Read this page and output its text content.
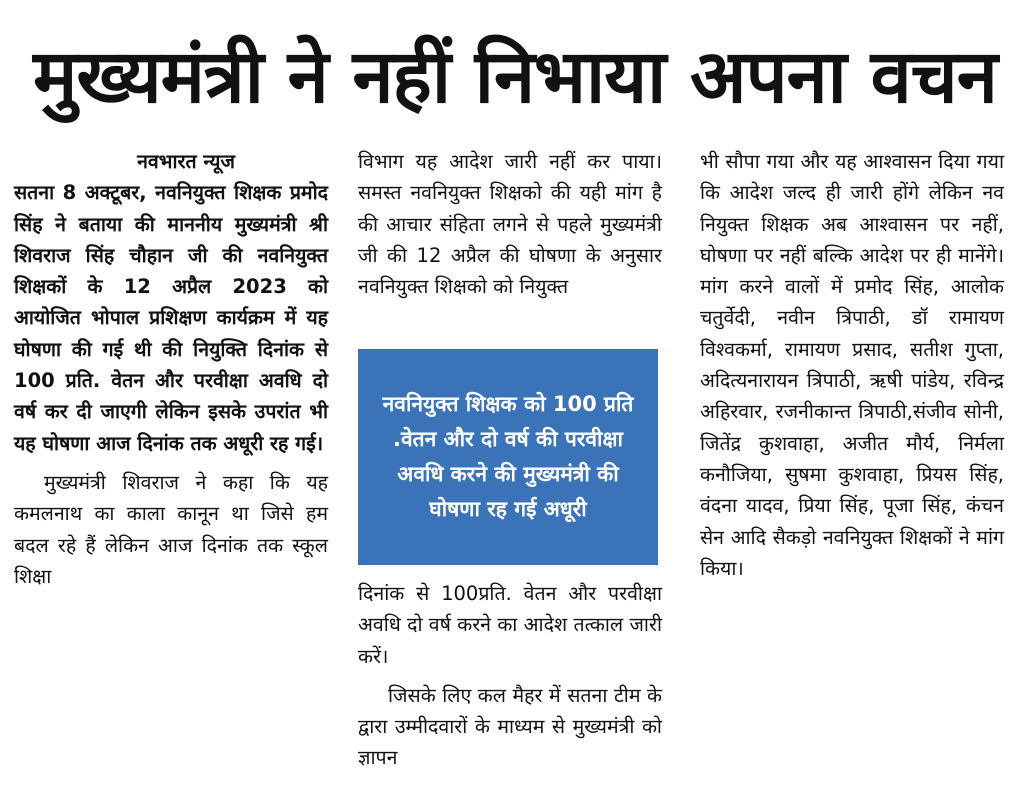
मुख्यमंत्री ने नहीं निभाया अपना वचन

नवभारत न्यूज

सतना 8 अक्टूबर, नवनियुक्त शिक्षक प्रमोद सिंह ने बताया की माननीय मुख्यमंत्री श्री शिवराज सिंह चौहान जी की नवनियुक्त शिक्षकों के 12 अप्रैल 2023 को आयोजित भोपाल प्रशिक्षण कार्यक्रम में यह घोषणा की गई थी की नियुक्ति दिनांक से 100 प्रति. वेतन और परवीक्षा अवधि दो वर्ष कर दी जाएगी लेकिन इसके उपरांत भी यह घोषणा आज दिनांक तक अधूरी रह गई।

मुख्यमंत्री शिवराज ने कहा कि यह कमलनाथ का काला कानून था जिसे हम बदल रहे हैं लेकिन आज दिनांक तक स्कूल शिक्षा

विभाग यह आदेश जारी नहीं कर पाया। समस्त नवनियुक्त शिक्षको की यही मांग है की आचार संहिता लगने से पहले मुख्यमंत्री जी की 12 अप्रैल की घोषणा के अनुसार नवनियुक्त शिक्षको को नियुक्त

नवनियुक्त शिक्षक को 100 प्रति .वेतन और दो वर्ष की परवीक्षा अवधि करने की मुख्यमंत्री की घोषणा रह गई अधूरी

दिनांक से 100प्रति. वेतन और परवीक्षा अवधि दो वर्ष करने का आदेश तत्काल जारी करें।

जिसके लिए कल मैहर में सतना टीम के द्वारा उम्मीदवारों के माध्यम से मुख्यमंत्री को ज्ञापन

भी सौपा गया और यह आश्वासन दिया गया कि आदेश जल्द ही जारी होंगे लेकिन नव नियुक्त शिक्षक अब आश्वासन पर नहीं, घोषणा पर नहीं बल्कि आदेश पर ही मानेंगे। मांग करने वालों में प्रमोद सिंह, आलोक चतुर्वेदी, नवीन त्रिपाठी, डॉ रामायण विश्वकर्मा, रामायण प्रसाद, सतीश गुप्ता, अदित्यनारायन त्रिपाठी, ऋषी पांडेय, रविन्द्र अहिरवार, रजनीकान्त त्रिपाठी,संजीव सोनी, जितेंद्र कुशवाहा, अजीत मौर्य, निर्मला कनौजिया, सुषमा कुशवाहा, प्रियस सिंह, वंदना यादव, प्रिया सिंह, पूजा सिंह, कंचन सेन आदि सैकड़ो नवनियुक्त शिक्षकों ने मांग किया।
